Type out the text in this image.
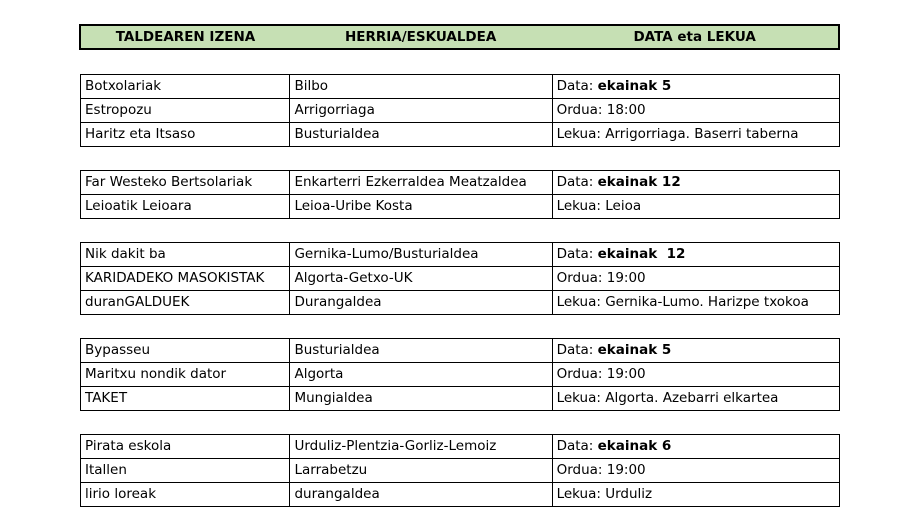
TALDEAREN IZENA	HERRIA/ESKUALDEA	DATA eta LEKUA
Botxolariak	Bilbo	Data: ekainak 5
Estropozu	Arrigorriaga	Ordua: 18:00
Haritz eta Itsaso	Busturialdea	Lekua: Arrigorriaga. Baserri taberna
Far Westeko Bertsolariak	Enkarterri Ezkerraldea Meatzaldea	Data: ekainak 12
Leioatik Leioara	Leioa-Uribe Kosta	Lekua: Leioa
Nik dakit ba	Gernika-Lumo/Busturialdea	Data: ekainak  12
KARIDADEKO MASOKISTAK	Algorta-Getxo-UK	Ordua: 19:00
duranGALDUEK	Durangaldea	Lekua: Gernika-Lumo. Harizpe txokoa
Bypasseu	Busturialdea	Data: ekainak 5
Maritxu nondik dator	Algorta	Ordua: 19:00
TAKET	Mungialdea	Lekua: Algorta. Azebarri elkartea
Pirata eskola	Urduliz-Plentzia-Gorliz-Lemoiz	Data: ekainak 6
Itallen	Larrabetzu	Ordua: 19:00
lirio loreak	durangaldea	Lekua: Urduliz
